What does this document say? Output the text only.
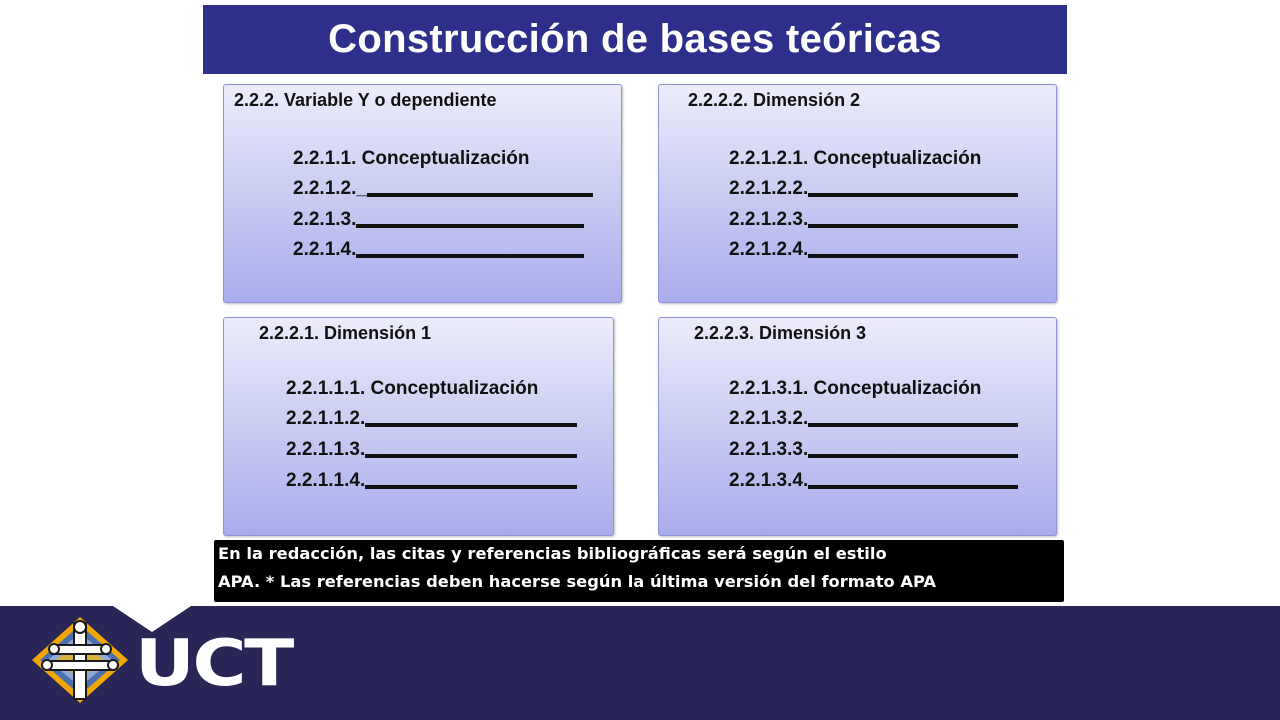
Construcción de bases teóricas
2.2.2. Variable Y o dependiente
2.2.1.1. Conceptualización
2.2.1.2._
2.2.1.3.
2.2.1.4.
2.2.2.2. Dimensión 2
2.2.1.2.1. Conceptualización
2.2.1.2.2.
2.2.1.2.3.
2.2.1.2.4.
2.2.2.1. Dimensión 1
2.2.1.1.1. Conceptualización
2.2.1.1.2.
2.2.1.1.3.
2.2.1.1.4.
2.2.2.3. Dimensión 3
2.2.1.3.1. Conceptualización
2.2.1.3.2.
2.2.1.3.3.
2.2.1.3.4.
En la redacción, las citas y referencias bibliográficas será según el estilo
APA. * Las referencias deben hacerse según la última versión del formato APA
UCT
